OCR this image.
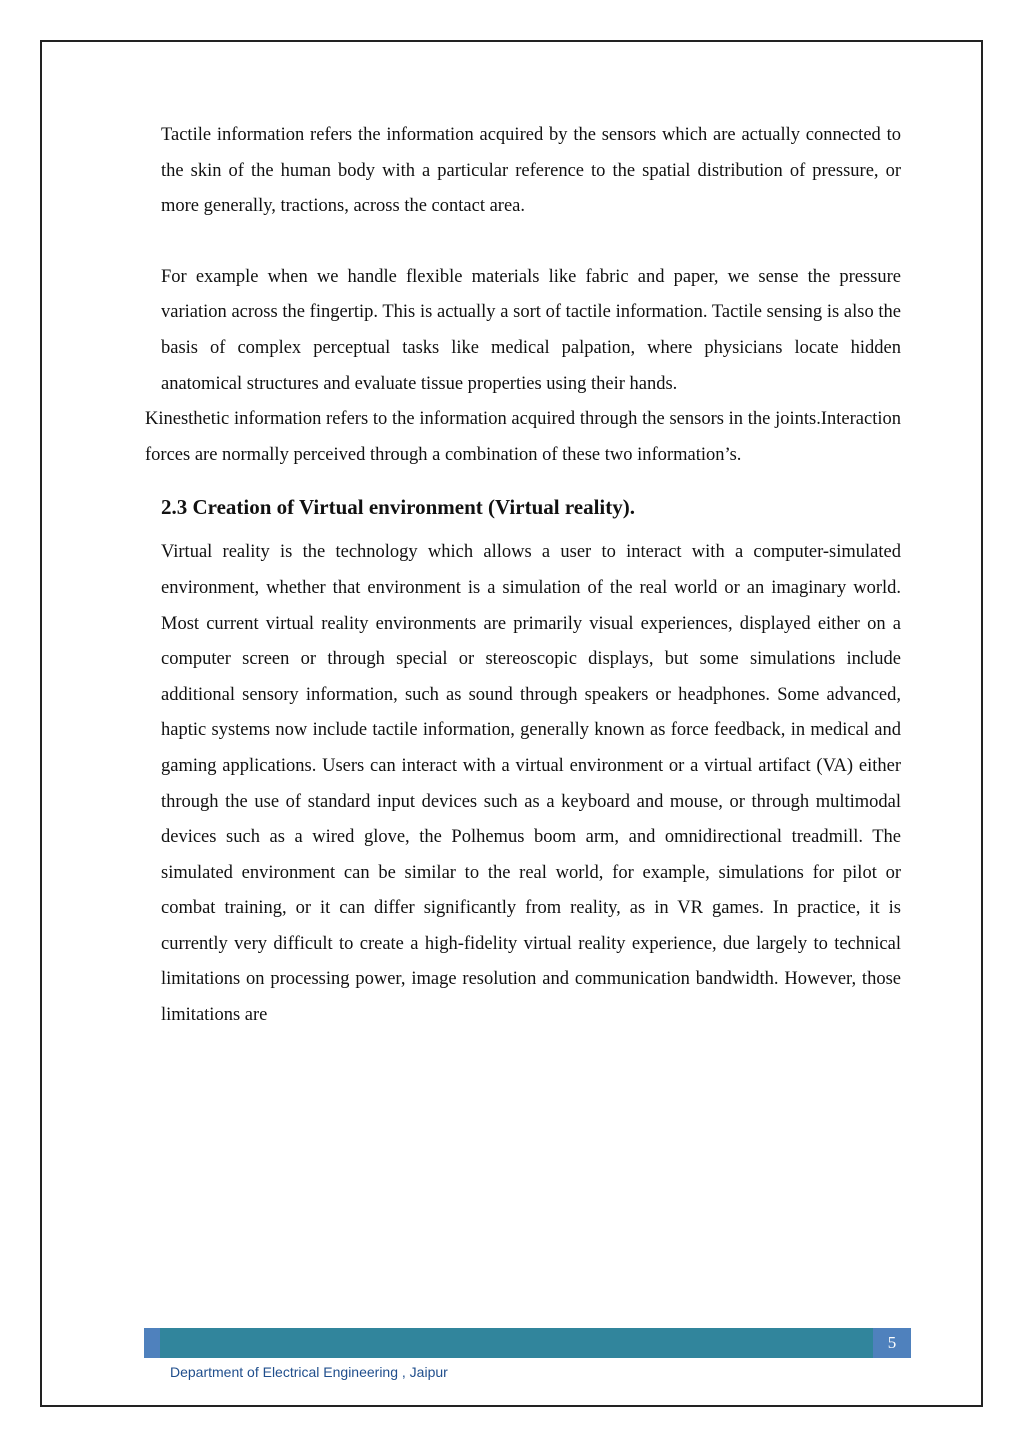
Tactile information refers the information acquired by the sensors which are actually connected to the skin of the human body with a particular reference to the spatial distribution of pressure, or more generally, tractions, across the contact area.

For example when we handle flexible materials like fabric and paper, we sense the pressure variation across the fingertip. This is actually a sort of tactile information. Tactile sensing is also the basis of complex perceptual tasks like medical palpation, where physicians locate hidden anatomical structures and evaluate tissue properties using their hands.

Kinesthetic information refers to the information acquired through the sensors in the joints.Interaction forces are normally perceived through a combination of these two information’s.

2.3 Creation of Virtual environment (Virtual reality).

Virtual reality is the technology which allows a user to interact with a computer-simulated environment, whether that environment is a simulation of the real world or an imaginary world. Most current virtual reality environments are primarily visual experiences, displayed either on a computer screen or through special or stereoscopic displays, but some simulations include additional sensory information, such as sound through speakers or headphones. Some advanced, haptic systems now include tactile information, generally known as force feedback, in medical and gaming applications. Users can interact with a virtual environment or a virtual artifact (VA) either through the use of standard input devices such as a keyboard and mouse, or through multimodal devices such as a wired glove, the Polhemus boom arm, and omnidirectional treadmill. The simulated environment can be similar to the real world, for example, simulations for pilot or combat training, or it can differ significantly from reality, as in VR games. In practice, it is currently very difficult to create a high-fidelity virtual reality experience, due largely to technical limitations on processing power, image resolution and communication bandwidth. However, those limitations are

5
Department of Electrical Engineering , Jaipur
